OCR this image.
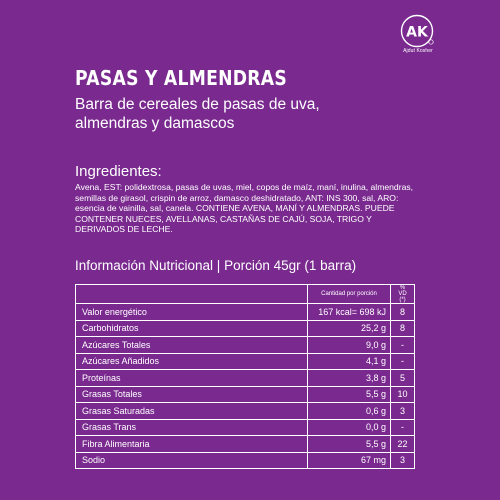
AK
Ajdut Kosher
PASAS Y ALMENDRAS
Barra de cereales de pasas de uva, almendras y damascos
Ingredientes:
Avena, EST: polidextrosa, pasas de uvas, miel, copos de maíz, maní, inulina, almendras, semillas de girasol, crispin de arroz, damasco deshidratado, ANT: INS 300, sal, ARO: esencia de vainilla, sal, canela. CONTIENE AVENA, MANÍ Y ALMENDRAS. PUEDE CONTENER NUECES, AVELLANAS, CASTAÑAS DE CAJÚ, SOJA, TRIGO Y DERIVADOS DE LECHE.
Información Nutricional | Porción 45gr (1 barra)
	Cantidad por porción	% VD (*)
Valor energético	167 kcal= 698 kJ	8
Carbohidratos	25,2 g	8
Azúcares Totales	9,0 g	-
Azúcares Añadidos	4,1 g	-
Proteínas	3,8 g	5
Grasas Totales	5,5 g	10
Grasas Saturadas	0,6 g	3
Grasas Trans	0,0 g	-
Fibra Alimentaria	5,5 g	22
Sodio	67 mg	3
